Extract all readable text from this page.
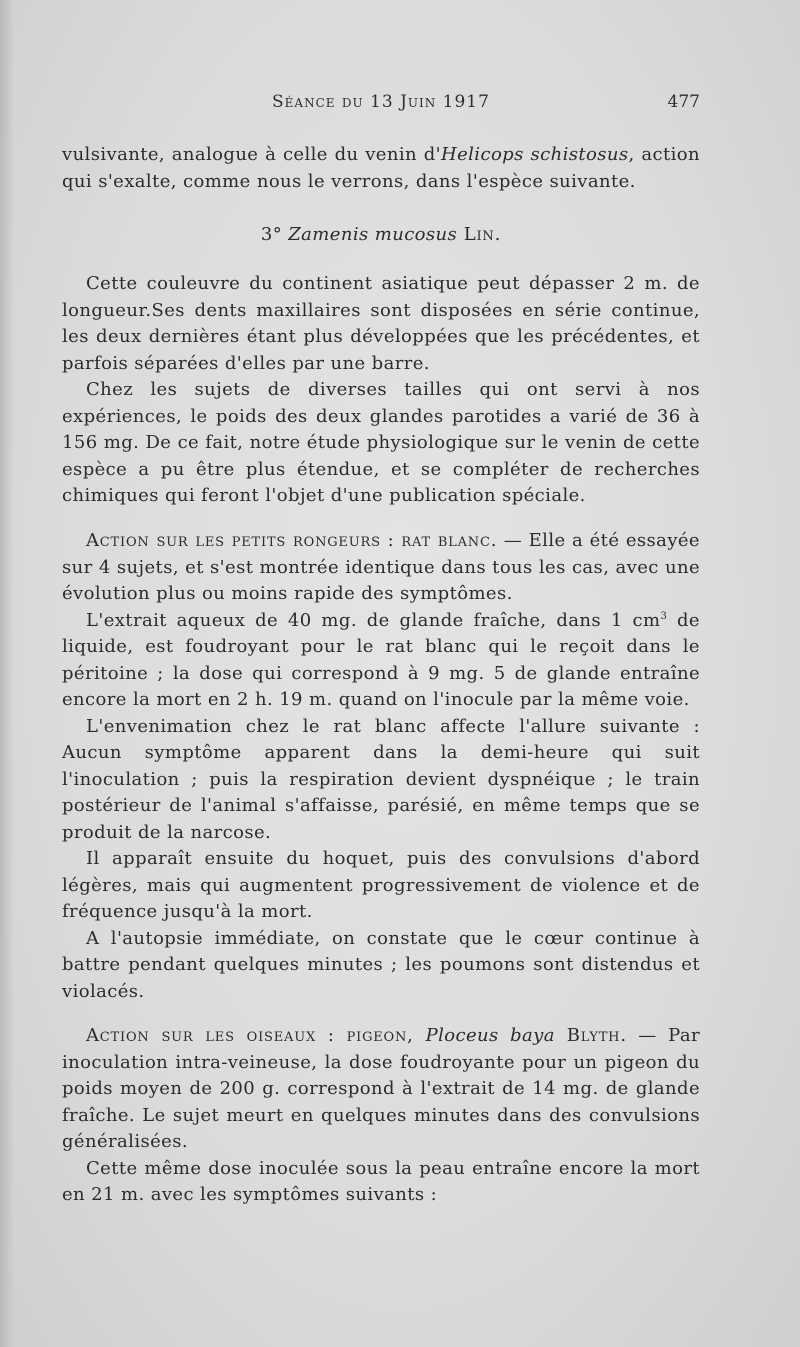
Séance du 13 Juin 1917	477

vulsivante, analogue à celle du venin d'Helicops schistosus, action qui s'exalte, comme nous le verrons, dans l'espèce suivante.

3° Zamenis mucosus Lin.

Cette couleuvre du continent asiatique peut dépasser 2 m. de longueur.Ses dents maxillaires sont disposées en série continue, les deux dernières étant plus développées que les précédentes, et parfois séparées d'elles par une barre.

Chez les sujets de diverses tailles qui ont servi à nos expériences, le poids des deux glandes parotides a varié de 36 à 156 mg. De ce fait, notre étude physiologique sur le venin de cette espèce a pu être plus étendue, et se compléter de recherches chimiques qui feront l'objet d'une publication spéciale.

Action sur les petits rongeurs : rat blanc. — Elle a été essayée sur 4 sujets, et s'est montrée identique dans tous les cas, avec une évolution plus ou moins rapide des symptômes.

L'extrait aqueux de 40 mg. de glande fraîche, dans 1 $cm^3$ de liquide, est foudroyant pour le rat blanc qui le reçoit dans le péritoine ; la dose qui correspond à 9 mg. 5 de glande entraîne encore la mort en 2 h. 19 m. quand on l'inocule par la même voie.

L'envenimation chez le rat blanc affecte l'allure suivante : Aucun symptôme apparent dans la demi-heure qui suit l'inoculation ; puis la respiration devient dyspnéique ; le train postérieur de l'animal s'affaisse, parésié, en même temps que se produit de la narcose.

Il apparaît ensuite du hoquet, puis des convulsions d'abord légères, mais qui augmentent progressivement de violence et de fréquence jusqu'à la mort.

A l'autopsie immédiate, on constate que le cœur continue à battre pendant quelques minutes ; les poumons sont distendus et violacés.

Action sur les oiseaux : pigeon, Ploceus baya Blyth. — Par inoculation intra-veineuse, la dose foudroyante pour un pigeon du poids moyen de 200 g. correspond à l'extrait de 14 mg. de glande fraîche. Le sujet meurt en quelques minutes dans des convulsions généralisées.

Cette même dose inoculée sous la peau entraîne encore la mort en 21 m. avec les symptômes suivants :
